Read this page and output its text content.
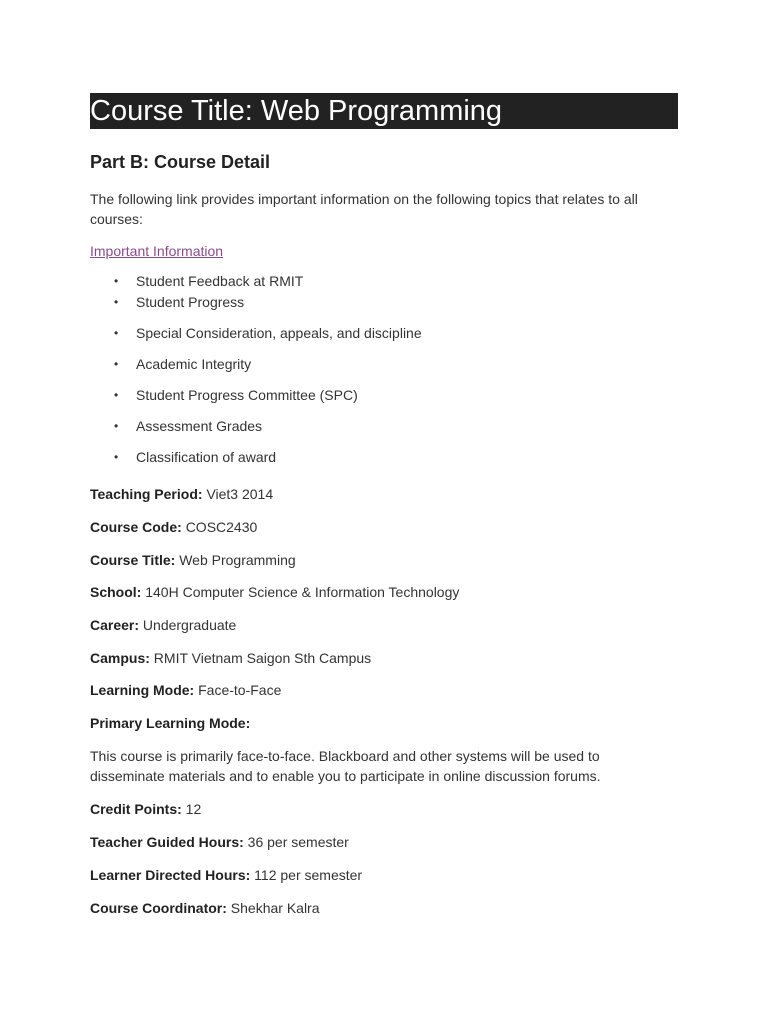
Course Title: Web Programming
Part B: Course Detail

The following link provides important information on the following topics that relates to all courses:

Important Information
• Student Feedback at RMIT
• Student Progress
• Special Consideration, appeals, and discipline
• Academic Integrity
• Student Progress Committee (SPC)
• Assessment Grades
• Classification of award

Teaching Period: Viet3 2014

Course Code: COSC2430

Course Title: Web Programming

School: 140H Computer Science & Information Technology

Career: Undergraduate

Campus: RMIT Vietnam Saigon Sth Campus

Learning Mode: Face-to-Face

Primary Learning Mode:

This course is primarily face-to-face. Blackboard and other systems will be used to disseminate materials and to enable you to participate in online discussion forums.

Credit Points: 12

Teacher Guided Hours: 36 per semester

Learner Directed Hours: 112 per semester

Course Coordinator: Shekhar Kalra
